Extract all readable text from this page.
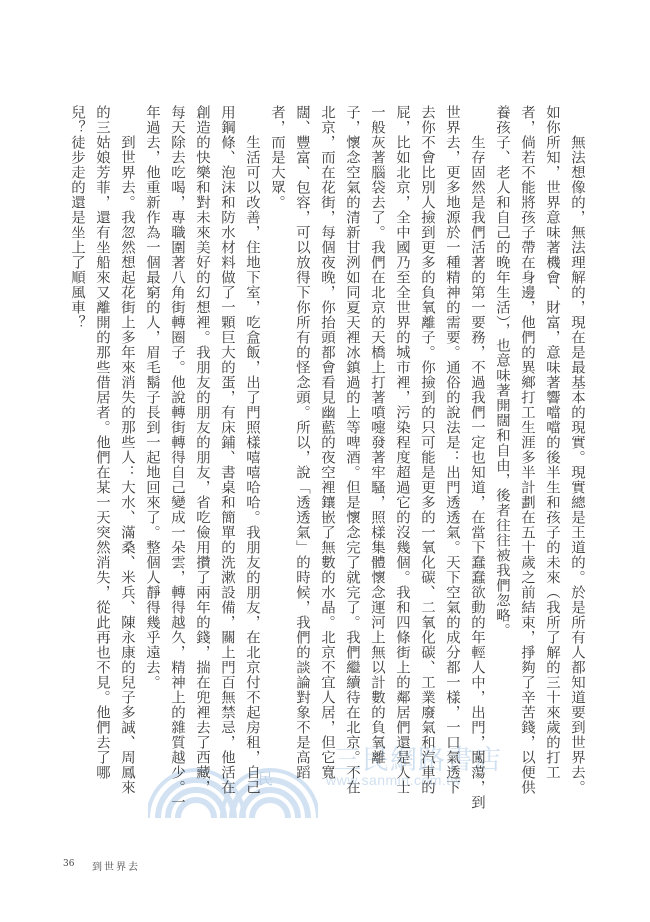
民
三民網路書店
www.sanmin.com.tw	無法想像的，無法理解的，現在是最基本的現實。現實總是王道的。於是所有人都知道要到世界去。
如你所知，世界意味著機會、財富，意味著響噹噹的後半生和孩子的未來（我所了解的三十來歲的打工
者，倘若不能將孩子帶在身邊，他們的異鄉打工生涯多半計劃在五十歲之前結束，掙夠了辛苦錢，以便供
養孩子、老人和自己的晚年生活），也意味著開闊和自由，後者往往被我們忽略。
生存固然是我們活著的第一要務，不過我們一定也知道，在當下蠢蠢欲動的年輕人中，出門，闖蕩，到
世界去，更多地源於一種精神的需要。通俗的說法是：出門透透氣。天下空氣的成分都一樣，一口氣透下
去你不會比別人撿到更多的負氧離子。你撿到的只可能是更多的一氧化碳、二氧化碳、工業廢氣和汽車的
屁，比如北京，全中國乃至全世界的城市裡，污染程度超過它的沒幾個。我和四條街上的鄰居們還是人士
一般灰著腦袋去了。我們在北京的天橋上打著噴嚏發著牢騷，照樣集體懷念運河上無以計數的負氧離
子，懷念空氣的清新甘洌如同夏天裡冰鎮過的上等啤酒。但是懷念完了就完了。我們繼續待在北京。不在
北京，而在花街，每個夜晚，你抬頭都會看見幽藍的夜空裡鑲嵌了無數的水晶。北京不宜人居，但它寬
闊、豐富、包容，可以放得下你所有的怪念頭。所以，說「透透氣」的時候，我們的談論對象不是高蹈
者，而是大眾。
生活可以改善，住地下室，吃盒飯，出了門照樣嘻嘻哈哈。我朋友的朋友，在北京付不起房租，自己
用鋼條、泡沫和防水材料做了一顆巨大的蛋，有床鋪、書桌和簡單的洗漱設備，關上門百無禁忌，他活在
創造的快樂和對未來美好的幻想裡。我朋友的朋友的朋友，省吃儉用攢了兩年的錢，揣在兜裡去了西藏，
每天除去吃喝，專職圍著八角街轉圈子。他說轉街轉得自己變成一朵雲，轉得越久，精神上的雜質越少。一
年過去，他重新作為一個最窮的人，眉毛鬍子長到一起地回來了。整個人靜得幾乎遠去。
到世界去。我忽然想起花街上多年來消失的那些人：大水、滿桑、米兵、陳永康的兒子多誠、周鳳來
的三姑娘芳菲，還有坐船來又離開的那些借居者。他們在某一天突然消失，從此再也不見。他們去了哪
兒？徒步走的還是坐上了順風車？
36 到世界去
